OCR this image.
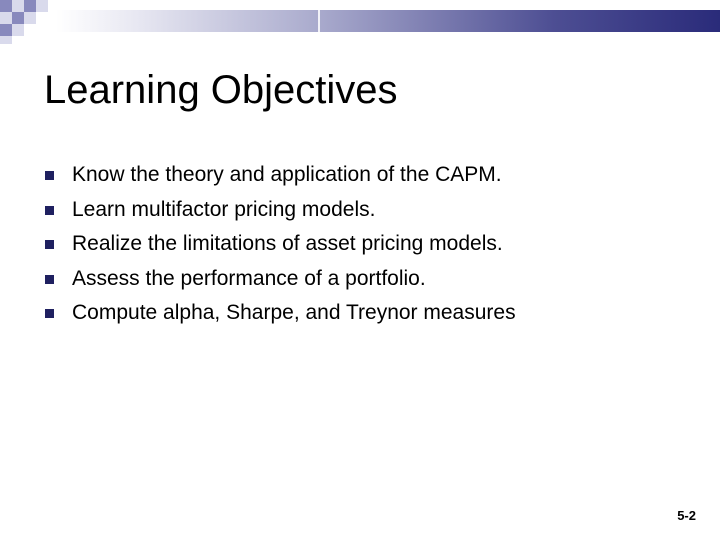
Learning Objectives
Know the theory and application of the CAPM.
Learn multifactor pricing models.
Realize the limitations of asset pricing models.
Assess the performance of a portfolio.
Compute alpha, Sharpe, and Treynor measures
5-2
